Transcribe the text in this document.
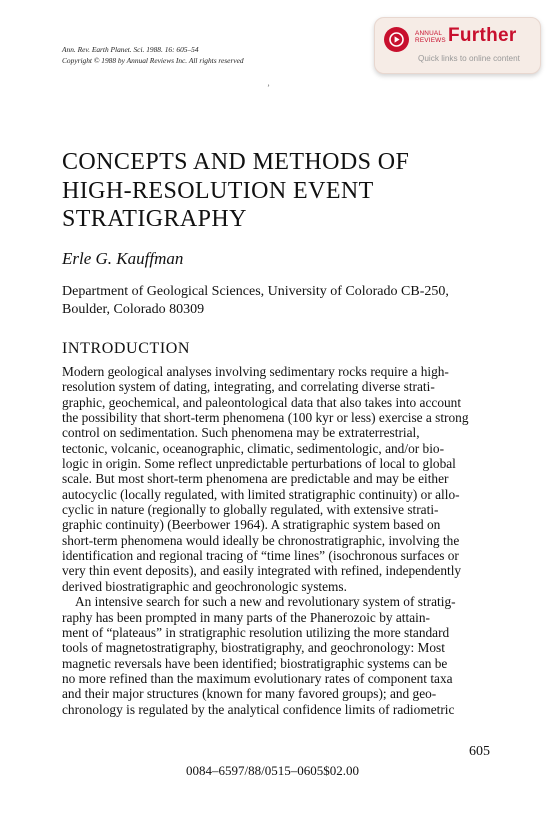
Ann. Rev. Earth Planet. Sci. 1988. 16: 605–54
Copyright © 1988 by Annual Reviews Inc. All rights reserved
ANNUAL
REVIEWS Further
Quick links to online content
’
CONCEPTS AND METHODS OF
HIGH-RESOLUTION EVENT
STRATIGRAPHY
Erle G. Kauffman
Department of Geological Sciences, University of Colorado CB-250,
Boulder, Colorado 80309
INTRODUCTION
Modern geological analyses involving sedimentary rocks require a high-
resolution system of dating, integrating, and correlating diverse strati-
graphic, geochemical, and paleontological data that also takes into account
the possibility that short-term phenomena (100 kyr or less) exercise a strong
control on sedimentation. Such phenomena may be extraterrestrial,
tectonic, volcanic, oceanographic, climatic, sedimentologic, and/or bio-
logic in origin. Some reflect unpredictable perturbations of local to global
scale. But most short-term phenomena are predictable and may be either
autocyclic (locally regulated, with limited stratigraphic continuity) or allo-
cyclic in nature (regionally to globally regulated, with extensive strati-
graphic continuity) (Beerbower 1964). A stratigraphic system based on
short-term phenomena would ideally be chronostratigraphic, involving the
identification and regional tracing of “time lines” (isochronous surfaces or
very thin event deposits), and easily integrated with refined, independently
derived biostratigraphic and geochronologic systems.
An intensive search for such a new and revolutionary system of stratig-
raphy has been prompted in many parts of the Phanerozoic by attain-
ment of “plateaus” in stratigraphic resolution utilizing the more standard
tools of magnetostratigraphy, biostratigraphy, and geochronology: Most
magnetic reversals have been identified; biostratigraphic systems can be
no more refined than the maximum evolutionary rates of component taxa
and their major structures (known for many favored groups); and geo-
chronology is regulated by the analytical confidence limits of radiometric
605
0084–6597/88/0515–0605$02.00
